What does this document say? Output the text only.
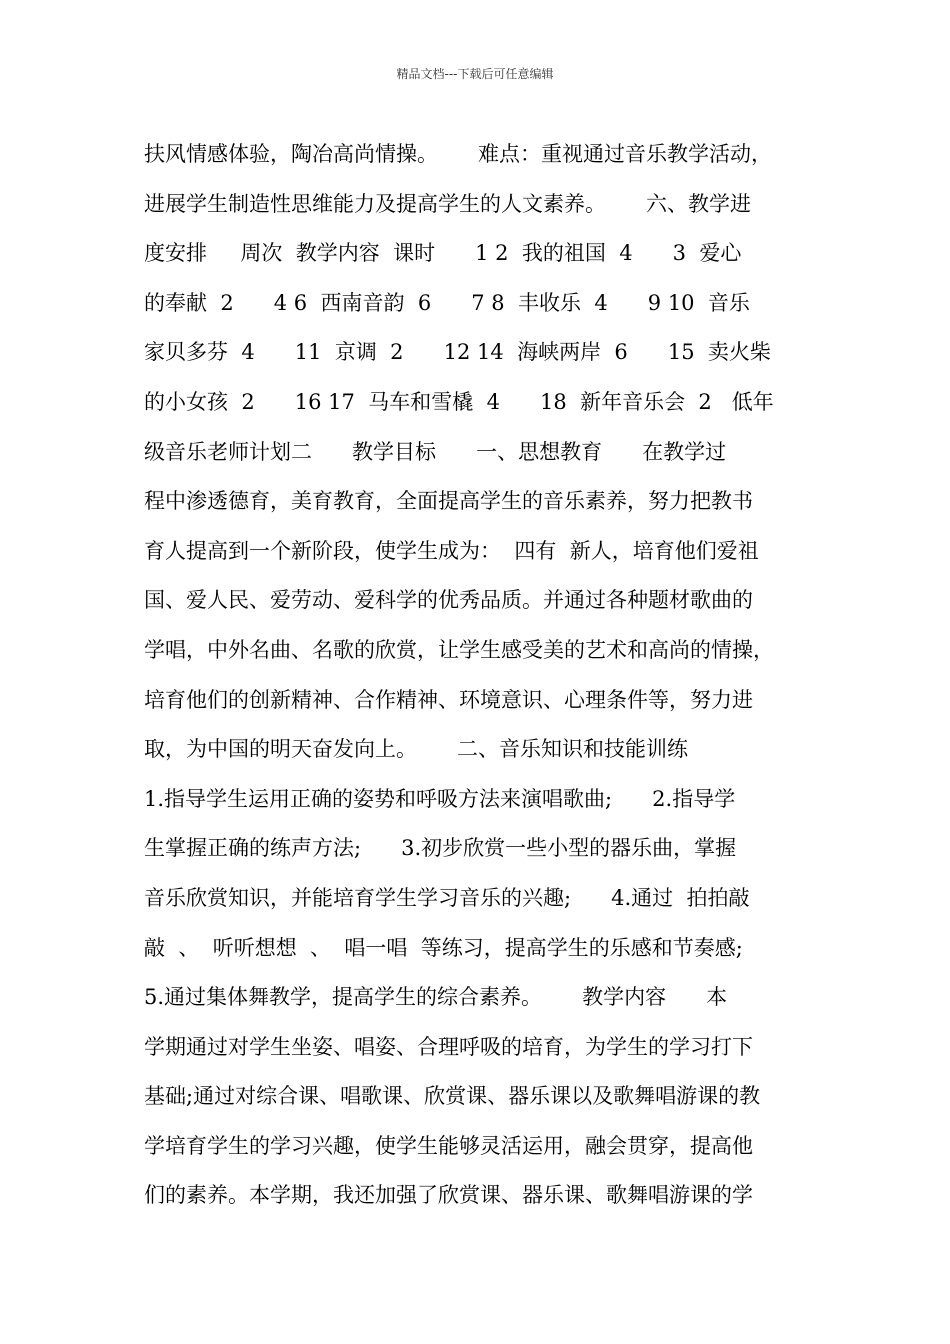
精品文档---下载后可任意编辑
扶风情感体验，陶冶高尚情操。      难点：重视通过音乐教学活动，
进展学生制造性思维能力及提高学生的人文素养。      六、教学进
度安排     周次  教学内容  课时      1 2  我的祖国  4      3  爱心
的奉献  2      4 6  西南音韵  6      7 8  丰收乐  4      9 10  音乐
家贝多芬  4      11  京调  2      12 14  海峡两岸  6      15  卖火柴
的小女孩  2      16 17  马车和雪橇  4      18  新年音乐会  2   低年
级音乐老师计划二      教学目标      一、思想教育      在教学过
程中渗透德育，美育教育，全面提高学生的音乐素养，努力把教书
育人提高到一个新阶段，使学生成为：  四有  新人，培育他们爱祖
国、爱人民、爱劳动、爱科学的优秀品质。并通过各种题材歌曲的
学唱，中外名曲、名歌的欣赏，让学生感受美的艺术和高尚的情操，
培育他们的创新精神、合作精神、环境意识、心理条件等，努力进
取，为中国的明天奋发向上。      二、音乐知识和技能训练
1.指导学生运用正确的姿势和呼吸方法来演唱歌曲;      2.指导学
生掌握正确的练声方法;      3.初步欣赏一些小型的器乐曲，掌握
音乐欣赏知识，并能培育学生学习音乐的兴趣;      4.通过  拍拍敲
敲  、  听听想想  、  唱一唱  等练习，提高学生的乐感和节奏感;
5.通过集体舞教学，提高学生的综合素养。      教学内容      本
学期通过对学生坐姿、唱姿、合理呼吸的培育，为学生的学习打下
基础;通过对综合课、唱歌课、欣赏课、器乐课以及歌舞唱游课的教
学培育学生的学习兴趣，使学生能够灵活运用，融会贯穿，提高他
们的素养。本学期，我还加强了欣赏课、器乐课、歌舞唱游课的学
